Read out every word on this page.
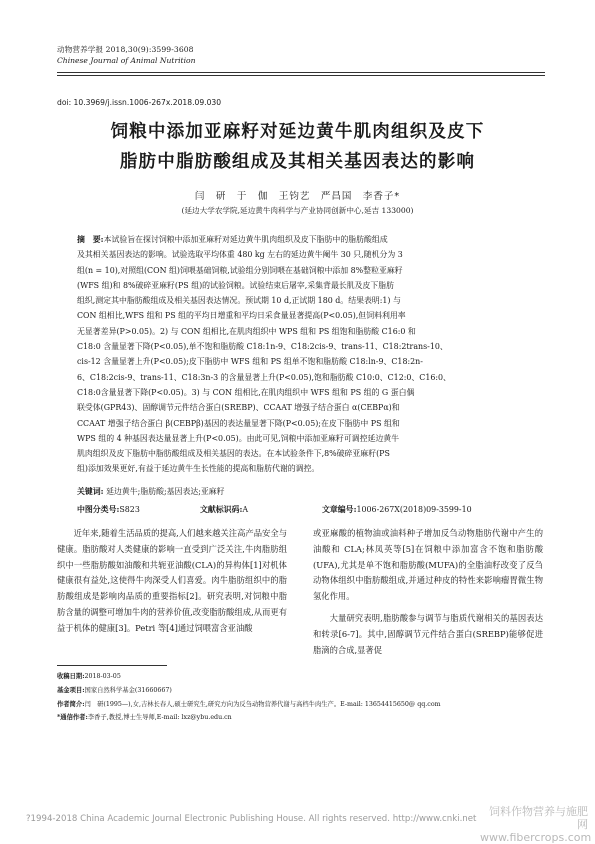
动物营养学报 2018,30(9):3599-3608
Chinese Journal of Animal Nutrition
doi: 10.3969/j.issn.1006-267x.2018.09.030
饲粮中添加亚麻籽对延边黄牛肌肉组织及皮下
脂肪中脂肪酸组成及其相关基因表达的影响
闫　研　于　伽　王钧艺　严昌国　李香子*
(延边大学农学院,延边黄牛肉科学与产业协同创新中心,延吉 133000)
摘　要:本试验旨在探讨饲粮中添加亚麻籽对延边黄牛肌肉组织及皮下脂肪中的脂肪酸组成
及其相关基因表达的影响。试验选取平均体重 480 kg 左右的延边黄牛阉牛 30 只,随机分为 3
组(n = 10),对照组(CON 组)饲喂基础饲粮,试验组分别饲喂在基础饲粮中添加 8%整粒亚麻籽
(WFS 组)和 8%破碎亚麻籽(PS 组)的试验饲粮。试验结束后屠宰,采集背最长肌及皮下脂肪
组织,测定其中脂肪酸组成及相关基因表达情况。预试期 10 d,正试期 180 d。结果表明:1) 与
CON 组相比,WFS 组和 PS 组的平均日增重和平均日采食量显著提高(P<0.05),但饲料利用率
无显著差异(P>0.05)。2) 与 CON 组相比,在肌肉组织中 WPS 组和 PS 组饱和脂肪酸 C16:0 和
C18:0 含量显著下降(P<0.05),单不饱和脂肪酸 C18:1n-9、C18:2cis-9、trans-11、C18:2trans-10、
cis-12 含量显著上升(P<0.05);皮下脂肪中 WFS 组和 PS 组单不饱和脂肪酸 C18:ln-9、C18:2n-
6、C18:2cis-9、trans-11、C18:3n-3 的含量显著上升(P<0.05),饱和脂肪酸 C10:0、C12:0、C16:0、
C18:0含量显著下降(P<0.05)。3) 与 CON 组相比,在肌肉组织中 WFS 组和 PS 组的 G 蛋白偶
联受体(GPR43)、固醇调节元件结合蛋白(SREBP)、CCAAT 增强子结合蛋白 α(CEBPα)和
CCAAT 增强子结合蛋白 β(CEBPβ)基因的表达量显著下降(P<0.05);在皮下脂肪中 PS 组和
WPS 组的 4 种基因表达量显著上升(P<0.05)。由此可见,饲粮中添加亚麻籽可调控延边黄牛
肌肉组织及皮下脂肪中脂肪酸组成及相关基因的表达。在本试验条件下,8%破碎亚麻籽(PS
组)添加效果更好,有益于延边黄牛生长性能的提高和脂肪代谢的调控。
关键词: 延边黄牛;脂肪酸;基因表达;亚麻籽
中图分类号:S823	文献标识码:A	文章编号:1006-267X(2018)09-3599-10

近年来,随着生活品质的提高,人们越来越关注高产品安全与健康。脂肪酸对人类健康的影响一直受到广泛关注,牛肉脂肪组织中一些脂肪酸如油酸和共轭亚油酸(CLA)的异构体[1]对机体健康很有益处,这使得牛肉深受人们喜爱。肉牛脂肪组织中的脂肪酸组成是影响肉品质的重要指标[2]。研究表明,对饲粮中脂肪含量的调整可增加牛肉的营养价值,改变脂肪酸组成,从而更有益于机体的健康[3]。Petri 等[4]通过饲喂富含亚油酸

或亚麻酸的植物油或油料种子增加反刍动物脂肪代谢中产生的油酸和 CLA;林凤英等[5]在饲粮中添加富含不饱和脂肪酸(UFA),尤其是单不饱和脂肪酸(MUFA)的全脂油籽改变了反刍动物体组织中脂肪酸组成,并通过种皮的特性来影响瘤胃微生物氢化作用。

大量研究表明,脂肪酸参与调节与脂质代谢相关的基因表达和转录[6-7]。其中,固醇调节元件结合蛋白(SREBP)能够促进脂滴的合成,显著促

收稿日期:2018-03-05
基金项目:国家自然科学基金(31660667)
作者简介:闫　研(1995—),女,吉林长春人,硕士研究生,研究方向为反刍动物营养代谢与高档牛肉生产。E-mail: 13654415650@ qq.com
*通信作者:李香子,教授,博士生导师,E-mail: lxz@ybu.edu.cn
?1994-2018 China Academic Journal Electronic Publishing House. All rights reserved. http://www.cnki.net
饲料作物营养与施肥网
www.fibercrops.com
